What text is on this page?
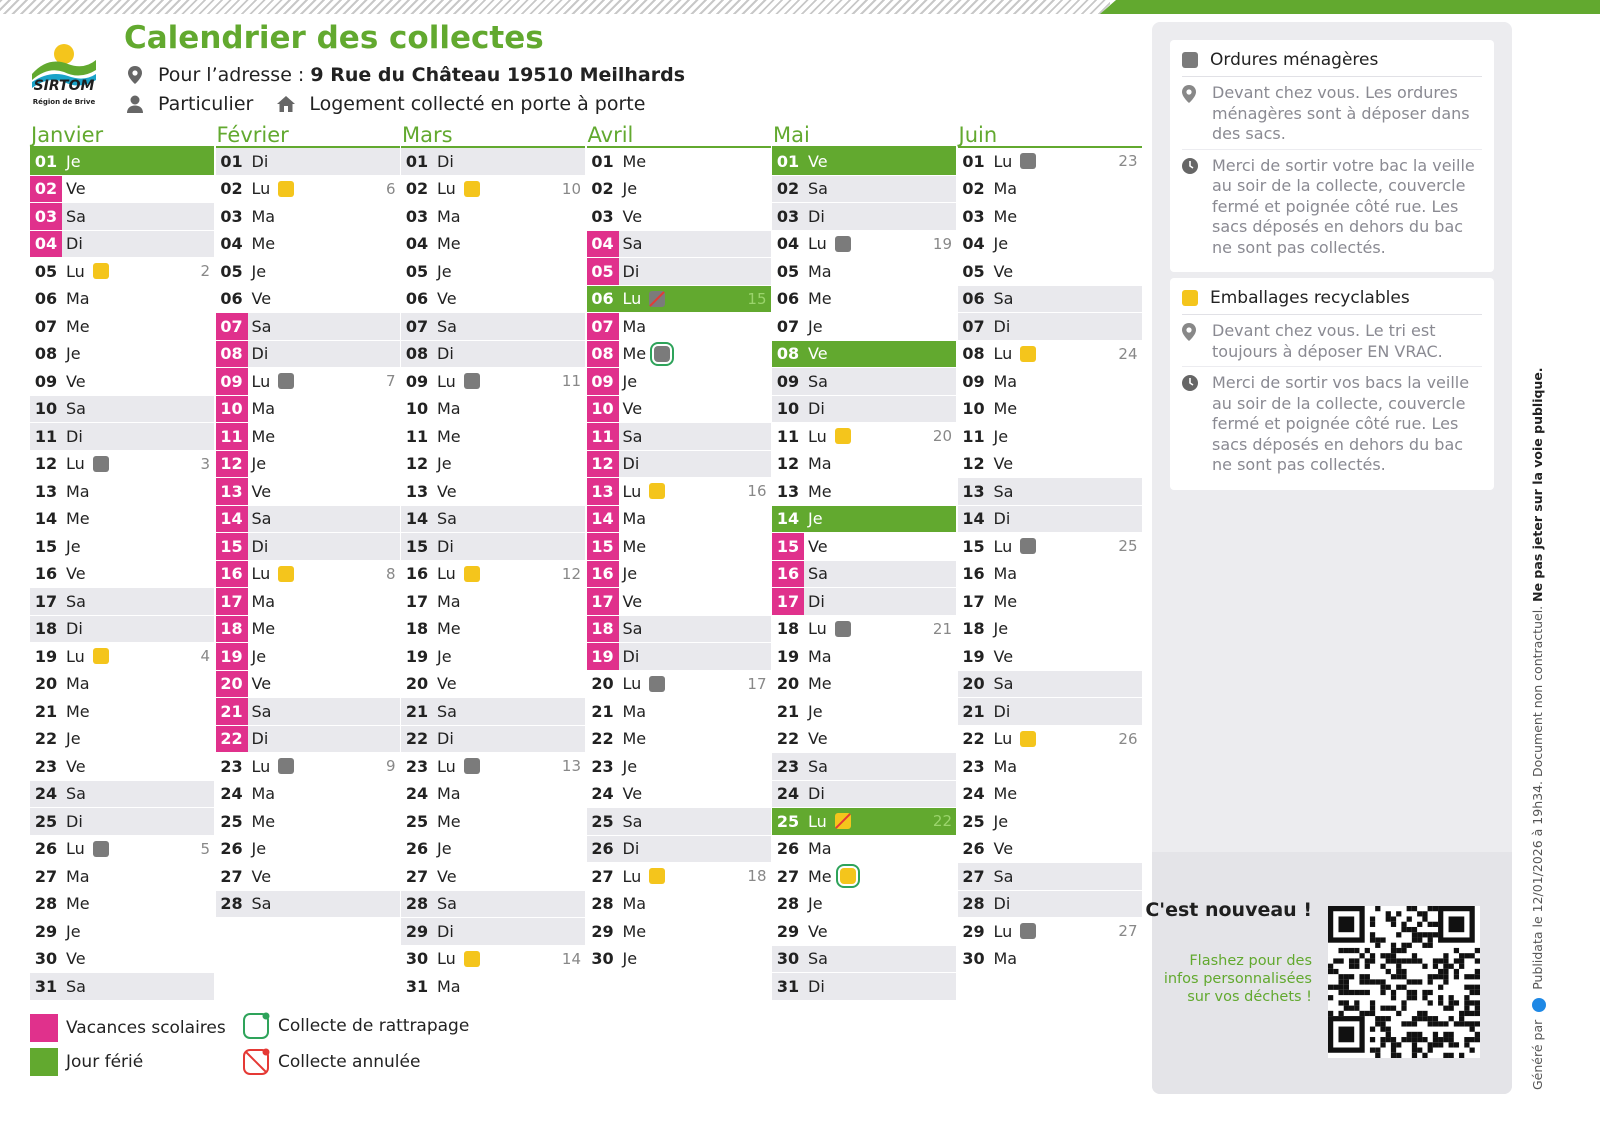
SIRTOM
Région de Brive
Calendrier des collectes
Pour l’adresse :
9 Rue du Château 19510 Meilhards
Particulier	Logement collecté en porte à porte
Janvier
01 Je
02 Ve
03 Sa
04 Di
05 Lu	2
06 Ma
07 Me
08 Je
09 Ve
10 Sa
11 Di
12 Lu	3
13 Ma
14 Me
15 Je
16 Ve
17 Sa
18 Di
19 Lu	4
20 Ma
21 Me
22 Je
23 Ve
24 Sa
25 Di
26 Lu	5
27 Ma
28 Me
29 Je
30 Ve
31 Sa
Février
01 Di
02 Lu	6
03 Ma
04 Me
05 Je
06 Ve
07 Sa
08 Di
09 Lu	7
10 Ma
11 Me
12 Je
13 Ve
14 Sa
15 Di
16 Lu	8
17 Ma
18 Me
19 Je
20 Ve
21 Sa
22 Di
23 Lu	9
24 Ma
25 Me
26 Je
27 Ve
28 Sa
Mars
01 Di
02 Lu	10
03 Ma
04 Me
05 Je
06 Ve
07 Sa
08 Di
09 Lu	11
10 Ma
11 Me
12 Je
13 Ve
14 Sa
15 Di
16 Lu	12
17 Ma
18 Me
19 Je
20 Ve
21 Sa
22 Di
23 Lu	13
24 Ma
25 Me
26 Je
27 Ve
28 Sa
29 Di
30 Lu	14
31 Ma
Avril
01 Me
02 Je
03 Ve
04 Sa
05 Di
06 Lu	15
07 Ma
08 Me
09 Je
10 Ve
11 Sa
12 Di
13 Lu	16
14 Ma
15 Me
16 Je
17 Ve
18 Sa
19 Di
20 Lu	17
21 Ma
22 Me
23 Je
24 Ve
25 Sa
26 Di
27 Lu	18
28 Ma
29 Me
30 Je
Mai
01 Ve
02 Sa
03 Di
04 Lu	19
05 Ma
06 Me
07 Je
08 Ve
09 Sa
10 Di
11 Lu	20
12 Ma
13 Me
14 Je
15 Ve
16 Sa
17 Di
18 Lu	21
19 Ma
20 Me
21 Je
22 Ve
23 Sa
24 Di
25 Lu	22
26 Ma
27 Me
28 Je
29 Ve
30 Sa
31 Di
Juin
01 Lu	23
02 Ma
03 Me
04 Je
05 Ve
06 Sa
07 Di
08 Lu	24
09 Ma
10 Me
11 Je
12 Ve
13 Sa
14 Di
15 Lu	25
16 Ma
17 Me
18 Je
19 Ve
20 Sa
21 Di
22 Lu	26
23 Ma
24 Me
25 Je
26 Ve
27 Sa
28 Di
29 Lu	27
30 Ma
Vacances scolaires
Jour férié
Collecte de rattrapage
Collecte annulée
Ordures ménagères
Devant chez vous. Les ordures ménagères sont à déposer dans des sacs.
Merci de sortir votre bac la veille au soir de la collecte, couvercle fermé et poignée côté rue. Les sacs déposés en dehors du bac ne sont pas collectés.
Emballages recyclables
Devant chez vous. Le tri est toujours à déposer EN VRAC.
Merci de sortir vos bacs la veille au soir de la collecte, couvercle fermé et poignée côté rue. Les sacs déposés en dehors du bac ne sont pas collectés.
C'est nouveau !
Flashez pour des infos personnalisées sur vos déchets !
Généré par  Publidata le 12/01/2026 à 19h34. Document non contractuel. Ne pas jeter sur la voie publique.
